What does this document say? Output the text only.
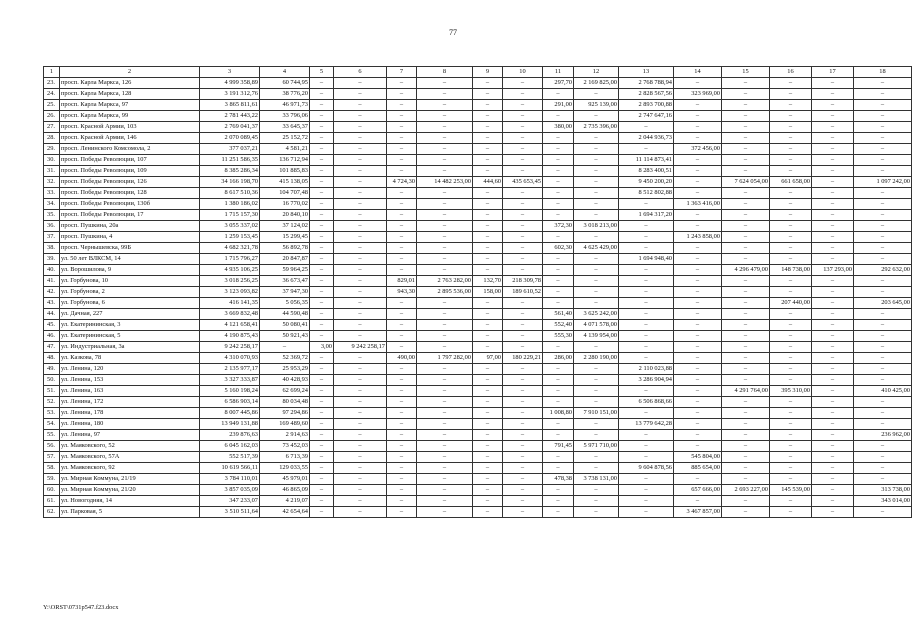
77
1	2	3	4	5	6	7	8	9	10	11	12	13	14	15	16	17	18
23.	просп. Карла Маркса, 126	4 999 358,89	60 744,95	–	–	–	–	–	–	297,70	2 169 825,00	2 768 788,94	–	–	–	–	–
24.	просп. Карла Маркса, 128	3 191 312,76	38 776,20	–	–	–	–	–	–	–	–	2 828 567,56	323 969,00	–	–	–	–
25.	просп. Карла Маркса, 97	3 865 811,61	46 971,73	–	–	–	–	–	–	291,00	925 139,00	2 893 700,88	–	–	–	–	–
26.	просп. Карла Маркса, 99	2 781 443,22	33 796,06	–	–	–	–	–	–	–	–	2 747 647,16	–	–	–	–	–
27.	просп. Красной Армии, 103	2 769 041,37	33 645,37	–	–	–	–	–	–	380,00	2 735 396,00	–	–	–	–	–	–
28.	просп. Красной Армии, 146	2 070 089,45	25 152,72	–	–	–	–	–	–	–	–	2 044 936,73	–	–	–	–	–
29.	просп. Ленинского Комсомола, 2	377 037,21	4 581,21	–	–	–	–	–	–	–	–	–	372 456,00	–	–	–	–
30.	просп. Победы Революции, 107	11 251 586,35	136 712,94	–	–	–	–	–	–	–	–	11 114 873,41	–	–	–	–	–
31.	просп. Победы Революции, 109	8 385 286,34	101 885,83	–	–	–	–	–	–	–	–	8 283 400,51	–	–	–	–	–
32.	просп. Победы Революции, 126	34 166 198,70	415 138,05	–	–	4 724,30	14 482 253,00	444,60	435 653,45	–	–	9 450 200,20	–	7 624 054,00	661 658,00	–	1 097 242,00
33.	просп. Победы Революции, 128	8 617 510,36	104 707,48	–	–	–	–	–	–	–	–	8 512 802,88	–	–	–	–	–
34.	просп. Победы Революции, 130б	1 380 186,02	16 770,02	–	–	–	–	–	–	–	–	–	1 363 416,00	–	–	–	–
35.	просп. Победы Революции, 17	1 715 157,30	20 840,10	–	–	–	–	–	–	–	–	1 694 317,20	–	–	–	–	–
36.	просп. Пушкина, 20а	3 055 337,02	37 124,02	–	–	–	–	–	–	372,30	3 018 213,00	–	–	–	–	–	–
37.	просп. Пушкина, 4	1 259 153,45	15 299,45	–	–	–	–	–	–	–	–	–	1 243 858,00	–	–	–	–
38.	просп. Чернышевска, 99Б	4 682 321,78	56 892,78	–	–	–	–	–	–	602,30	4 625 429,00	–	–	–	–	–	–
39.	ул. 50 лет ВЛКСМ, 14	1 715 796,27	20 847,87	–	–	–	–	–	–	–	–	1 694 948,40	–	–	–	–	–
40.	ул. Ворошилова, 9	4 935 106,25	59 964,25	–	–	–	–	–	–	–	–	–	–	4 296 479,00	148 738,00	137 293,00	292 632,00
41.	ул. Горбунова, 10	3 018 256,25	36 673,47	–	–	829,01	2 763 282,00	132,70	218 309,78	–	–	–	–	–	–	–	–
42.	ул. Горбунова, 2	3 123 093,82	37 947,30	–	–	943,30	2 895 536,00	158,00	189 610,52	–	–	–	–	–	–	–	–
43.	ул. Горбунова, 6	416 141,35	5 056,35	–	–	–	–	–	–	–	–	–	–	–	207 440,00	–	203 645,00
44.	ул. Дачная, 227	3 669 832,48	44 590,48	–	–	–	–	–	–	561,40	3 625 242,00	–	–	–	–	–	–
45.	ул. Екатерининская, 3	4 121 658,41	50 080,41	–	–	–	–	–	–	552,40	4 071 578,00	–	–	–	–	–	–
46.	ул. Екатерининская, 5	4 190 875,43	50 921,43	–	–	–	–	–	–	555,30	4 139 954,00	–	–	–	–	–	–
47.	ул. Индустриальная, 3а	9 242 258,17	–	3,00	9 242 258,17	–	–	–	–	–	–	–	–	–	–	–	–
48.	ул. Казкова, 78	4 310 070,93	52 369,72	–	–	490,00	1 797 282,00	97,00	180 229,21	286,00	2 280 190,00	–	–	–	–	–	–
49.	ул. Ленина, 120	2 135 977,17	25 953,29	–	–	–	–	–	–	–	–	2 110 023,88	–	–	–	–	–
50.	ул. Ленина, 153	3 327 333,87	40 428,93	–	–	–	–	–	–	–	–	3 286 904,94	–	–	–	–	–
51.	ул. Ленина, 163	5 160 198,24	62 699,24	–	–	–	–	–	–	–	–	–	–	4 291 764,00	395 310,00	–	410 425,00
52.	ул. Ленина, 172	6 586 903,14	80 034,48	–	–	–	–	–	–	–	–	6 506 868,66	–	–	–	–	–
53.	ул. Ленина, 178	8 007 445,86	97 294,86	–	–	–	–	–	–	1 008,80	7 910 151,00	–	–	–	–	–	–
54.	ул. Ленина, 180	13 949 131,88	169 489,60	–	–	–	–	–	–	–	–	13 779 642,28	–	–	–	–	–
55.	ул. Ленина, 97	239 876,63	2 914,63	–	–	–	–	–	–	–	–	–	–	–	–	–	236 962,00
56.	ул. Маяковского, 52	6 045 162,03	73 452,03	–	–	–	–	–	–	791,45	5 971 710,00	–	–	–	–	–	–
57.	ул. Маяковского, 57А	552 517,39	6 713,39	–	–	–	–	–	–	–	–	–	545 804,00	–	–	–	–
58.	ул. Маяковского, 92	10 619 566,11	129 033,55	–	–	–	–	–	–	–	–	9 604 878,56	885 654,00	–	–	–	–
59.	ул. Мирная Коммуна, 21/19	3 784 110,01	45 979,01	–	–	–	–	–	–	478,38	3 738 131,00	–	–	–	–	–	–
60.	ул. Мирная Коммуна, 21/20	3 857 035,09	46 865,09	–	–	–	–	–	–	–	–	–	657 666,00	2 693 227,00	145 539,00	–	313 738,00
61.	ул. Новогодняя, 14	347 233,07	4 219,07	–	–	–	–	–	–	–	–	–	–	–	–	–	343 014,00
62.	ул. Парковая, 5	3 510 511,64	42 654,64	–	–	–	–	–	–	–	–	–	3 467 857,00	–	–	–	–
Y:\ORST\0731p547.f23.docx
